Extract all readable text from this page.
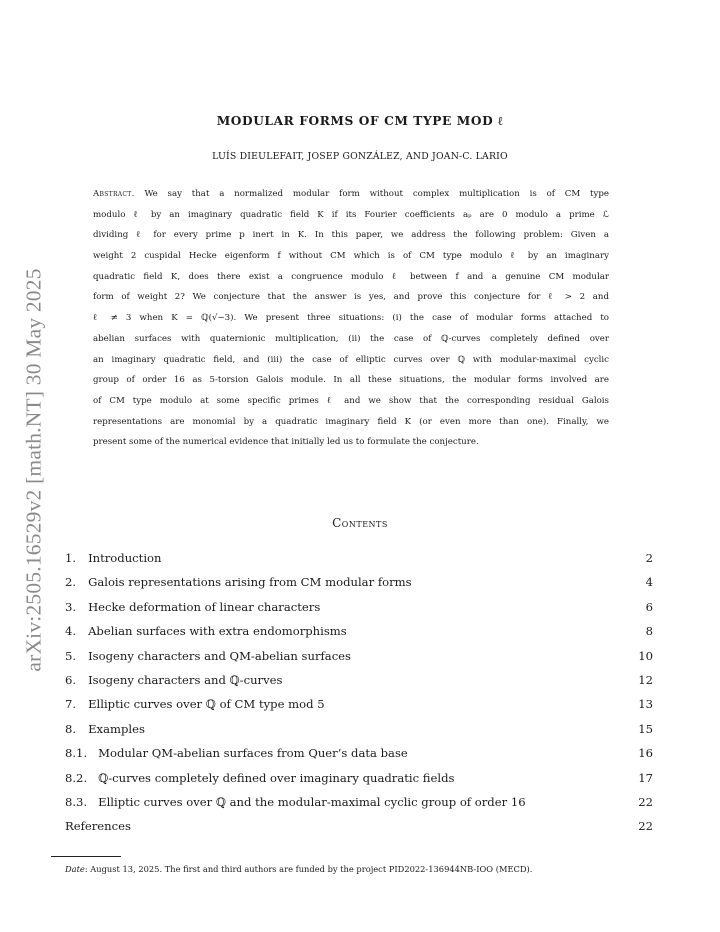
arXiv:2505.16529v2 [math.NT] 30 May 2025
MODULAR FORMS OF CM TYPE MOD ℓ
LUÍS DIEULEFAIT, JOSEP GONZÁLEZ, AND JOAN-C. LARIO
Abstract. We say that a normalized modular form without complex multiplication is of CM type
modulo ℓ by an imaginary quadratic field K if its Fourier coefficients aₚ are 0 modulo a prime ℒ
dividing ℓ for every prime p inert in K. In this paper, we address the following problem: Given a
weight 2 cuspidal Hecke eigenform f without CM which is of CM type modulo ℓ by an imaginary
quadratic field K, does there exist a congruence modulo ℓ between f and a genuine CM modular
form of weight 2? We conjecture that the answer is yes, and prove this conjecture for ℓ > 2 and
ℓ ≠ 3 when K = ℚ(√−3). We present three situations: (i) the case of modular forms attached to
abelian surfaces with quaternionic multiplication, (ii) the case of ℚ-curves completely defined over
an imaginary quadratic field, and (iii) the case of elliptic curves over ℚ with modular-maximal cyclic
group of order 16 as 5-torsion Galois module. In all these situations, the modular forms involved are
of CM type modulo at some specific primes ℓ and we show that the corresponding residual Galois
representations are monomial by a quadratic imaginary field K (or even more than one). Finally, we
present some of the numerical evidence that initially led us to formulate the conjecture.
Contents
1. Introduction	2
2. Galois representations arising from CM modular forms	4
3. Hecke deformation of linear characters	6
4. Abelian surfaces with extra endomorphisms	8
5. Isogeny characters and QM-abelian surfaces	10
6. Isogeny characters and ℚ-curves	12
7. Elliptic curves over ℚ of CM type mod 5	13
8. Examples	15
8.1. Modular QM-abelian surfaces from Quer’s data base	16
8.2. ℚ-curves completely defined over imaginary quadratic fields	17
8.3. Elliptic curves over ℚ and the modular-maximal cyclic group of order 16	22
References	22
Date: August 13, 2025. The first and third authors are funded by the project PID2022-136944NB-IOO (MECD).
